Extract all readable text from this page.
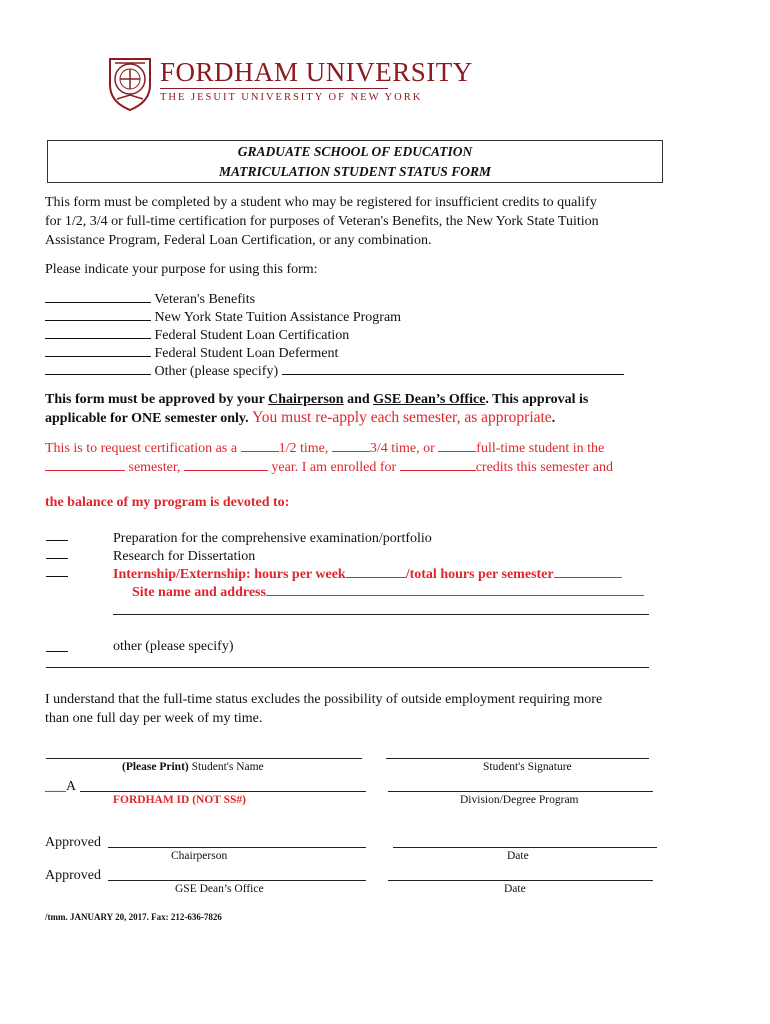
FORDHAM UNIVERSITY
THE JESUIT UNIVERSITY OF NEW YORK
GRADUATE SCHOOL OF EDUCATION
MATRICULATION STUDENT STATUS FORM
This form must be completed by a student who may be registered for insufficient credits to qualify
for 1/2, 3/4 or full-time certification for purposes of Veteran's Benefits, the New York State Tuition
Assistance Program, Federal Loan Certification, or any combination.
Please indicate your purpose for using this form:
Veteran's Benefits
New York State Tuition Assistance Program
Federal Student Loan Certification
Federal Student Loan Deferment
Other (please specify)
This form must be approved by your Chairperson and GSE Dean’s Office. This approval is
applicable for ONE semester only. You must re-apply each semester, as appropriate.
This is to request certification as a	1/2 time,	3/4 time, or	full-time student in the
semester,	year. I am enrolled for	credits this semester and
the balance of my program is devoted to:
Preparation for the comprehensive examination/portfolio
Research for Dissertation
Internship/Externship: hours per week	/total hours per semester
Site name and address
other (please specify)
I understand that the full-time status excludes the possibility of outside employment requiring more
than one full day per week of my time.
(Please Print) Student's Name	Student's Signature
___A
FORDHAM ID (NOT SS#)	Division/Degree Program
Approved
Chairperson	Date
Approved
GSE Dean’s Office	Date
/tmm. JANUARY 20, 2017. Fax: 212-636-7826
